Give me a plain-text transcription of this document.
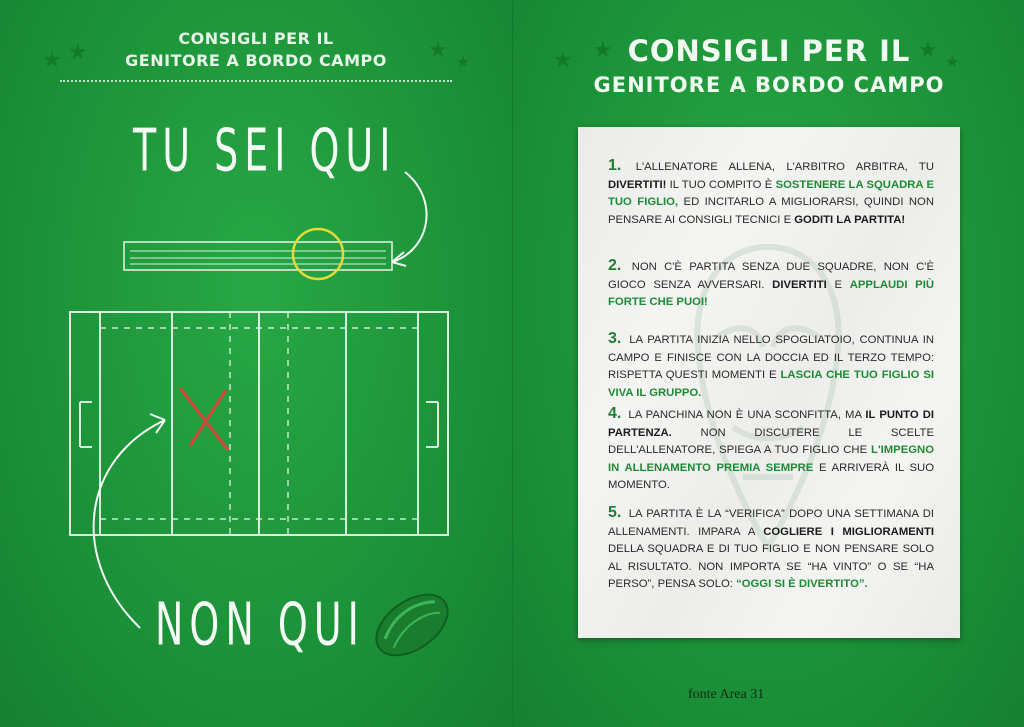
★ ★	★ ★
CONSIGLI PER IL
GENITORE A BORDO CAMPO
TU SEI QUI
NON QUI
★ ★	★ ★
CONSIGLI PER IL
GENITORE A BORDO CAMPO
1. L'ALLENATORE ALLENA, L'ARBITRO ARBITRA, TU DIVERTITI! IL TUO COMPITO È SOSTENERE LA SQUADRA E TUO FIGLIO, ED INCITARLO A MIGLIORARSI, QUINDI NON PENSARE AI CONSIGLI TECNICI E GODITI LA PARTITA!
2. NON C'È PARTITA SENZA DUE SQUADRE, NON C'È GIOCO SENZA AVVERSARI. DIVERTITI E APPLAUDI PIÙ FORTE CHE PUOI!
3. LA PARTITA INIZIA NELLO SPOGLIATOIO, CONTINUA IN CAMPO E FINISCE CON LA DOCCIA ED IL TERZO TEMPO: RISPETTA QUESTI MOMENTI E LASCIA CHE TUO FIGLIO SI VIVA IL GRUPPO.
4. LA PANCHINA NON È UNA SCONFITTA, MA IL PUNTO DI PARTENZA. NON DISCUTERE LE SCELTE DELL'ALLENATORE, SPIEGA A TUO FIGLIO CHE L'IMPEGNO IN ALLENAMENTO PREMIA SEMPRE E ARRIVERÀ IL SUO MOMENTO.
5. LA PARTITA È LA “VERIFICA” DOPO UNA SETTIMANA DI ALLENAMENTI. IMPARA A COGLIERE I MIGLIORAMENTI DELLA SQUADRA E DI TUO FIGLIO E NON PENSARE SOLO AL RISULTATO. NON IMPORTA SE “HA VINTO” O SE “HA PERSO”, PENSA SOLO: “OGGI SI È DIVERTITO”.
fonte Area 31
